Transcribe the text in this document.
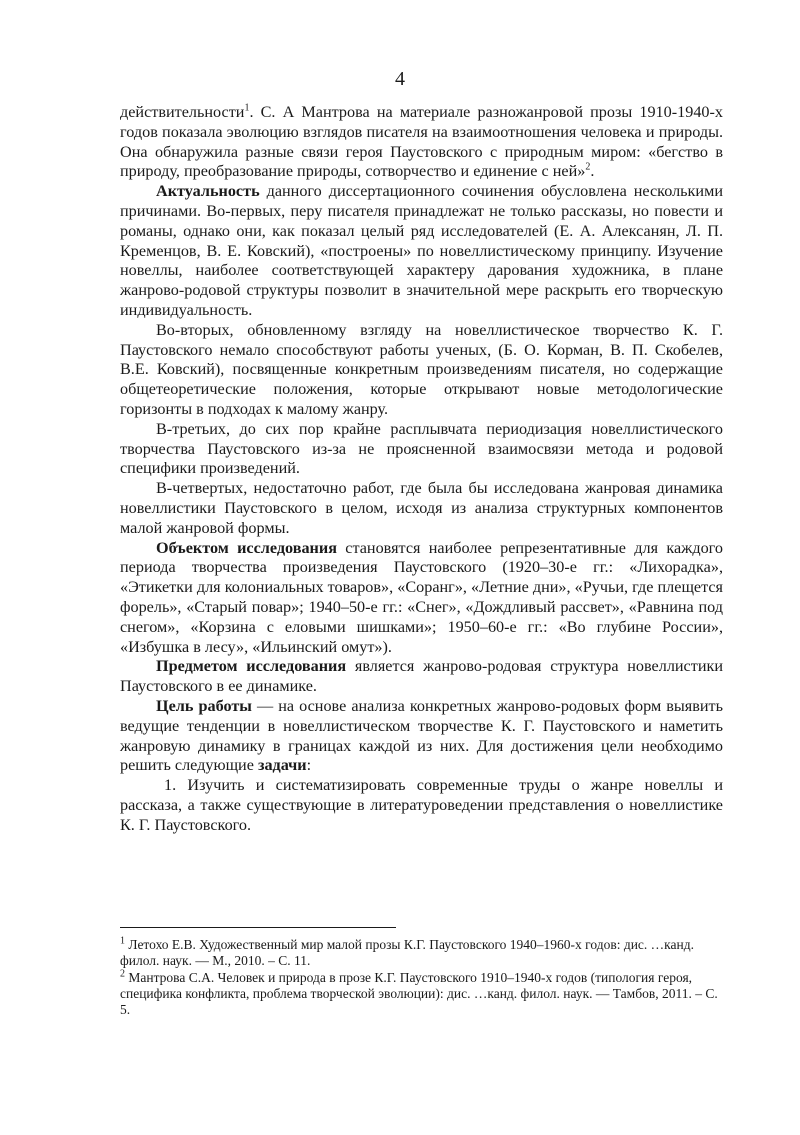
4

действительности$^1$. С. А Мантрова на материале разножанровой прозы 1910-1940-х годов показала эволюцию взглядов писателя на взаимоотношения человека и природы. Она обнаружила разные связи героя Паустовского с природным миром: «бегство в природу, преобразование природы, сотворчество и единение с ней»$^2$.

Актуальность данного диссертационного сочинения обусловлена несколькими причинами. Во-первых, перу писателя принадлежат не только рассказы, но повести и романы, однако они, как показал целый ряд исследователей (Е. А. Алексанян, Л. П. Кременцов, В. Е. Ковский), «построены» по новеллистическому принципу. Изучение новеллы, наиболее соответствующей характеру дарования художника, в плане жанрово-родовой структуры позволит в значительной мере раскрыть его творческую индивидуальность.

Во-вторых, обновленному взгляду на новеллистическое творчество К. Г. Паустовского немало способствуют работы ученых, (Б. О. Корман, В. П. Скобелев, В.Е. Ковский), посвященные конкретным произведениям писателя, но содержащие общетеоретические положения, которые открывают новые методологические горизонты в подходах к малому жанру.

В-третьих, до сих пор крайне расплывчата периодизация новеллистического творчества Паустовского из-за не проясненной взаимосвязи метода и родовой специфики произведений.

В-четвертых, недостаточно работ, где была бы исследована жанровая динамика новеллистики Паустовского в целом, исходя из анализа структурных компонентов малой жанровой формы.

Объектом исследования становятся наиболее репрезентативные для каждого периода творчества произведения Паустовского (1920–30-е гг.: «Лихорадка», «Этикетки для колониальных товаров», «Соранг», «Летние дни», «Ручьи, где плещется форель», «Старый повар»; 1940–50-е гг.: «Снег», «Дождливый рассвет», «Равнина под снегом», «Корзина с еловыми шишками»; 1950–60-е гг.: «Во глубине России», «Избушка в лесу», «Ильинский омут»).

Предметом исследования является жанрово-родовая структура новеллистики Паустовского в ее динамике.

Цель работы — на основе анализа конкретных жанрово-родовых форм выявить ведущие тенденции в новеллистическом творчестве К. Г. Паустовского и наметить жанровую динамику в границах каждой из них. Для достижения цели необходимо решить следующие задачи:

1. Изучить и систематизировать современные труды о жанре новеллы и рассказа, а также существующие в литературоведении представления о новеллистике К. Г. Паустовского.

$^1$ Летохо Е.В. Художественный мир малой прозы К.Г. Паустовского 1940–1960-х годов: дис. …канд. филол. наук. — М., 2010. – С. 11.

$^2$ Мантрова С.А. Человек и природа в прозе К.Г. Паустовского 1910–1940-х годов (типология героя, специфика конфликта, проблема творческой эволюции): дис. …канд. филол. наук. — Тамбов, 2011. – С. 5.
